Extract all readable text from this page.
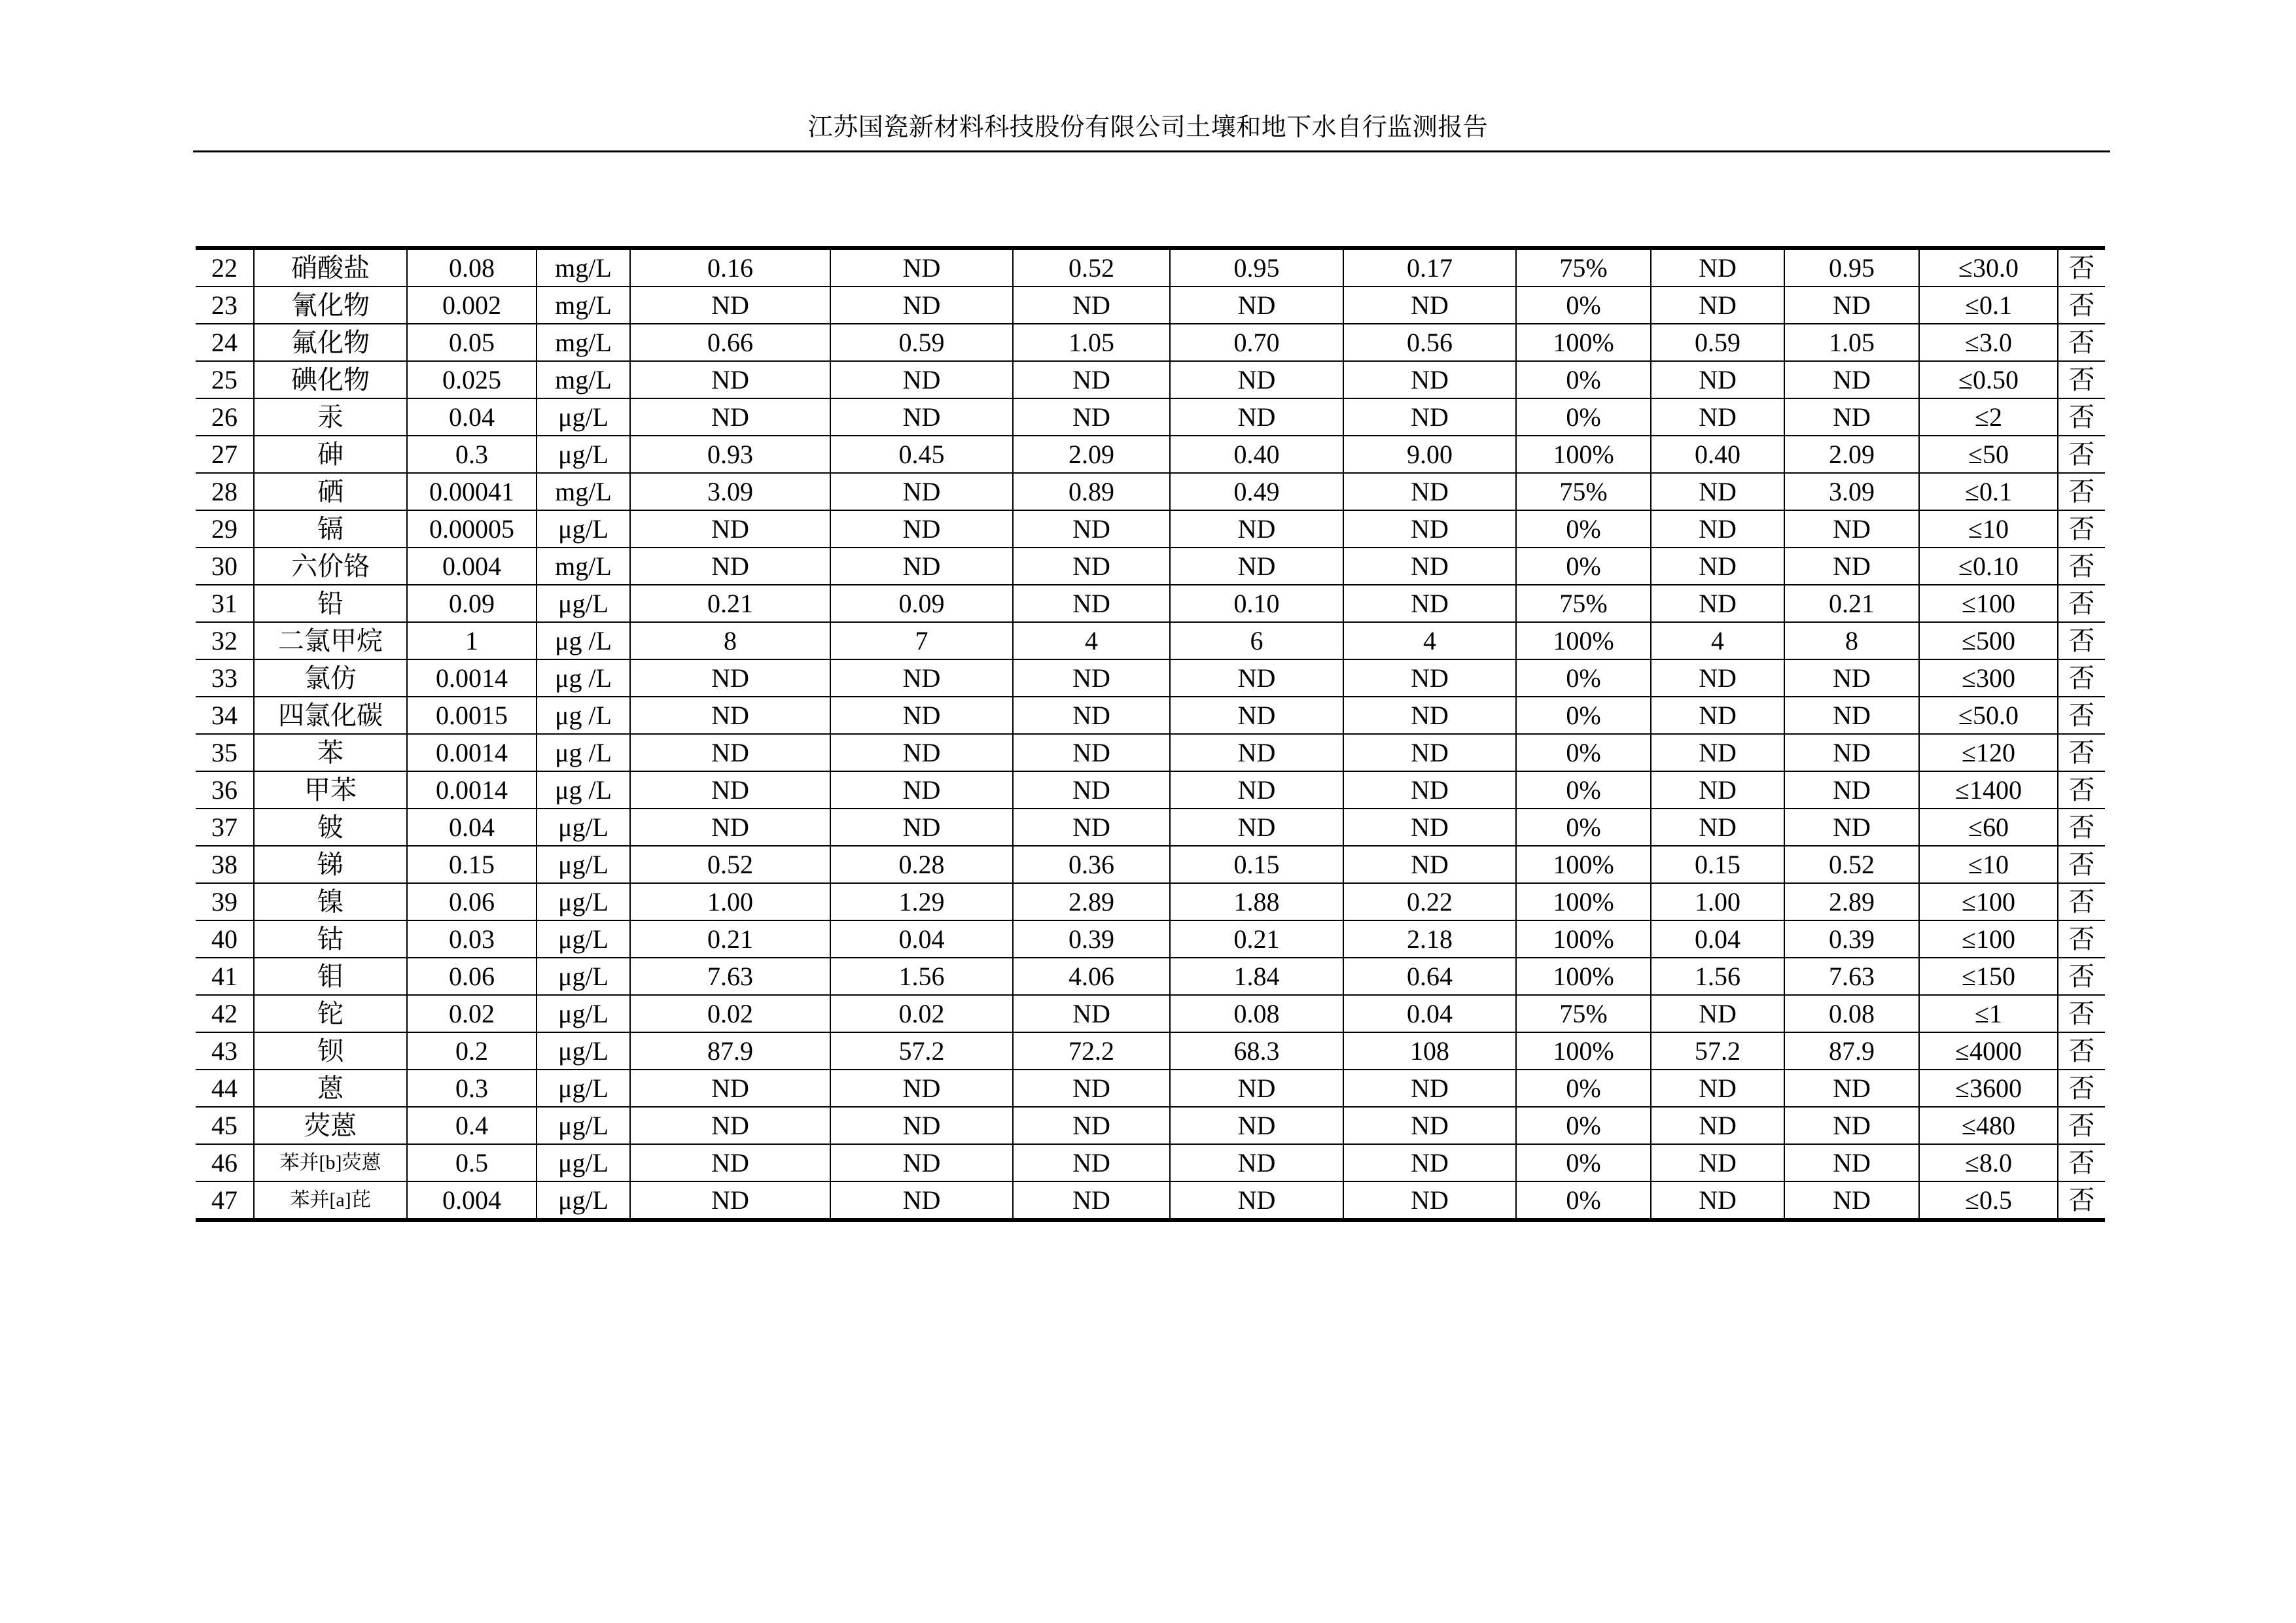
江苏国瓷新材料科技股份有限公司土壤和地下水自行监测报告
22	硝酸盐	0.08	mg/L	0.16	ND	0.52	0.95	0.17	75%	ND	0.95	≤30.0	否
23	氰化物	0.002	mg/L	ND	ND	ND	ND	ND	0%	ND	ND	≤0.1	否
24	氟化物	0.05	mg/L	0.66	0.59	1.05	0.70	0.56	100%	0.59	1.05	≤3.0	否
25	碘化物	0.025	mg/L	ND	ND	ND	ND	ND	0%	ND	ND	≤0.50	否
26	汞	0.04	μg/L	ND	ND	ND	ND	ND	0%	ND	ND	≤2	否
27	砷	0.3	μg/L	0.93	0.45	2.09	0.40	9.00	100%	0.40	2.09	≤50	否
28	硒	0.00041	mg/L	3.09	ND	0.89	0.49	ND	75%	ND	3.09	≤0.1	否
29	镉	0.00005	μg/L	ND	ND	ND	ND	ND	0%	ND	ND	≤10	否
30	六价铬	0.004	mg/L	ND	ND	ND	ND	ND	0%	ND	ND	≤0.10	否
31	铅	0.09	μg/L	0.21	0.09	ND	0.10	ND	75%	ND	0.21	≤100	否
32	二氯甲烷	1	μg /L	8	7	4	6	4	100%	4	8	≤500	否
33	氯仿	0.0014	μg /L	ND	ND	ND	ND	ND	0%	ND	ND	≤300	否
34	四氯化碳	0.0015	μg /L	ND	ND	ND	ND	ND	0%	ND	ND	≤50.0	否
35	苯	0.0014	μg /L	ND	ND	ND	ND	ND	0%	ND	ND	≤120	否
36	甲苯	0.0014	μg /L	ND	ND	ND	ND	ND	0%	ND	ND	≤1400	否
37	铍	0.04	μg/L	ND	ND	ND	ND	ND	0%	ND	ND	≤60	否
38	锑	0.15	μg/L	0.52	0.28	0.36	0.15	ND	100%	0.15	0.52	≤10	否
39	镍	0.06	μg/L	1.00	1.29	2.89	1.88	0.22	100%	1.00	2.89	≤100	否
40	钴	0.03	μg/L	0.21	0.04	0.39	0.21	2.18	100%	0.04	0.39	≤100	否
41	钼	0.06	μg/L	7.63	1.56	4.06	1.84	0.64	100%	1.56	7.63	≤150	否
42	铊	0.02	μg/L	0.02	0.02	ND	0.08	0.04	75%	ND	0.08	≤1	否
43	钡	0.2	μg/L	87.9	57.2	72.2	68.3	108	100%	57.2	87.9	≤4000	否
44	蒽	0.3	μg/L	ND	ND	ND	ND	ND	0%	ND	ND	≤3600	否
45	荧蒽	0.4	μg/L	ND	ND	ND	ND	ND	0%	ND	ND	≤480	否
46	苯并[b]荧蒽	0.5	μg/L	ND	ND	ND	ND	ND	0%	ND	ND	≤8.0	否
47	苯并[a]芘	0.004	μg/L	ND	ND	ND	ND	ND	0%	ND	ND	≤0.5	否
